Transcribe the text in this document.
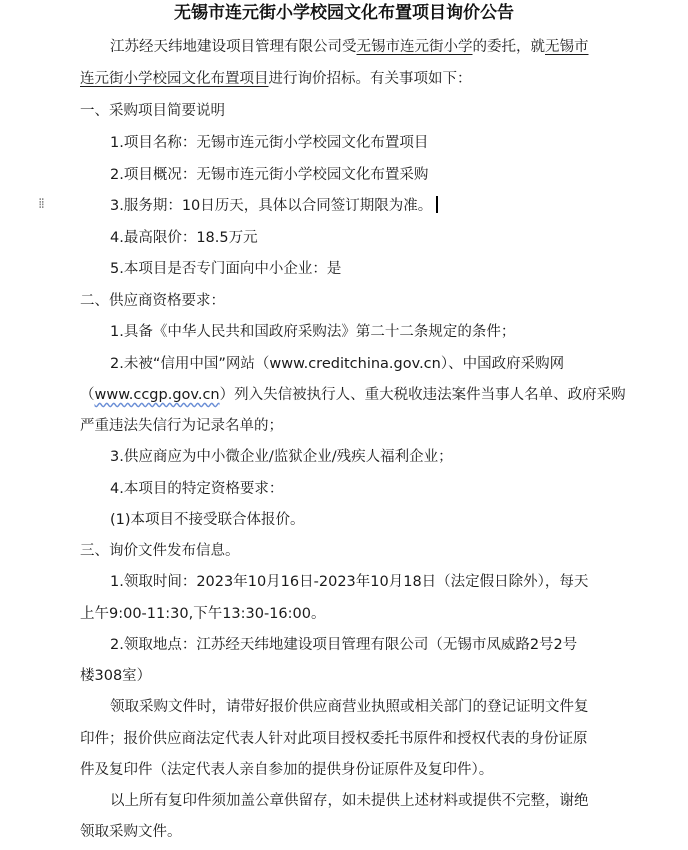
无锡市连元街小学校园文化布置项目询价公告
江苏经天纬地建设项目管理有限公司受无锡市连元街小学的委托，就无锡市
连元街小学校园文化布置项目进行询价招标。有关事项如下：
一、采购项目简要说明
1.项目名称：无锡市连元街小学校园文化布置项目
2.项目概况：无锡市连元街小学校园文化布置采购
⁞⁞	3.服务期：10日历天，具体以合同签订期限为准。
4.最高限价：18.5万元
5.本项目是否专门面向中小企业：是
二、供应商资格要求：
1.具备《中华人民共和国政府采购法》第二十二条规定的条件；
2.未被“信用中国”网站（www.creditchina.gov.cn）、中国政府采购网
（www.ccgp.gov.cn）列入失信被执行人、重大税收违法案件当事人名单、政府采购
严重违法失信行为记录名单的；
3.供应商应为中小微企业/监狱企业/残疾人福利企业；
4.本项目的特定资格要求：
(1)本项目不接受联合体报价。
三、询价文件发布信息。
1.领取时间：2023年10月16日-2023年10月18日（法定假日除外），每天
上午9:00-11:30,下午13:30-16:00。
2.领取地点：江苏经天纬地建设项目管理有限公司（无锡市凤威路2号2号
楼308室）
领取采购文件时，请带好报价供应商营业执照或相关部门的登记证明文件复
印件；报价供应商法定代表人针对此项目授权委托书原件和授权代表的身份证原
件及复印件（法定代表人亲自参加的提供身份证原件及复印件）。
以上所有复印件须加盖公章供留存，如未提供上述材料或提供不完整，谢绝
领取采购文件。
